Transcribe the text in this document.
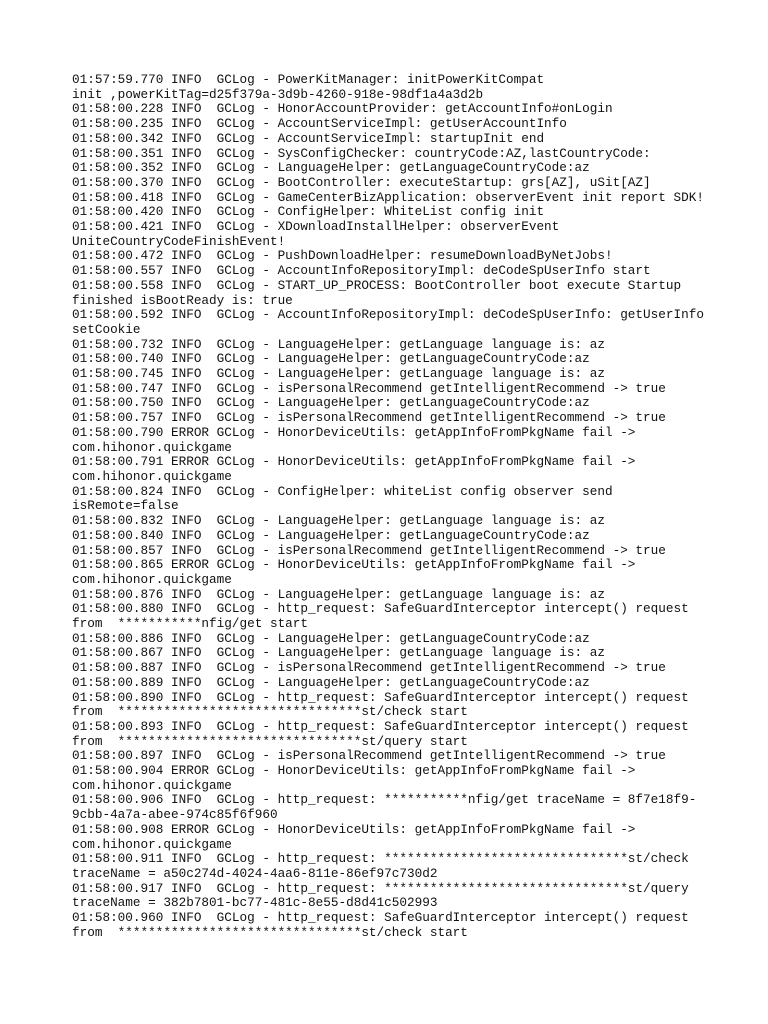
01:57:59.770 INFO  GCLog - PowerKitManager: initPowerKitCompat
init ,powerKitTag=d25f379a-3d9b-4260-918e-98df1a4a3d2b
01:58:00.228 INFO  GCLog - HonorAccountProvider: getAccountInfo#onLogin
01:58:00.235 INFO  GCLog - AccountServiceImpl: getUserAccountInfo
01:58:00.342 INFO  GCLog - AccountServiceImpl: startupInit end
01:58:00.351 INFO  GCLog - SysConfigChecker: countryCode:AZ,lastCountryCode:
01:58:00.352 INFO  GCLog - LanguageHelper: getLanguageCountryCode:az
01:58:00.370 INFO  GCLog - BootController: executeStartup: grs[AZ], uSit[AZ]
01:58:00.418 INFO  GCLog - GameCenterBizApplication: observerEvent init report SDK!
01:58:00.420 INFO  GCLog - ConfigHelper: WhiteList config init
01:58:00.421 INFO  GCLog - XDownloadInstallHelper: observerEvent
UniteCountryCodeFinishEvent!
01:58:00.472 INFO  GCLog - PushDownloadHelper: resumeDownloadByNetJobs!
01:58:00.557 INFO  GCLog - AccountInfoRepositoryImpl: deCodeSpUserInfo start
01:58:00.558 INFO  GCLog - START_UP_PROCESS: BootController boot execute Startup
finished isBootReady is: true
01:58:00.592 INFO  GCLog - AccountInfoRepositoryImpl: deCodeSpUserInfo: getUserInfo
setCookie
01:58:00.732 INFO  GCLog - LanguageHelper: getLanguage language is: az
01:58:00.740 INFO  GCLog - LanguageHelper: getLanguageCountryCode:az
01:58:00.745 INFO  GCLog - LanguageHelper: getLanguage language is: az
01:58:00.747 INFO  GCLog - isPersonalRecommend getIntelligentRecommend -> true
01:58:00.750 INFO  GCLog - LanguageHelper: getLanguageCountryCode:az
01:58:00.757 INFO  GCLog - isPersonalRecommend getIntelligentRecommend -> true
01:58:00.790 ERROR GCLog - HonorDeviceUtils: getAppInfoFromPkgName fail ->
com.hihonor.quickgame
01:58:00.791 ERROR GCLog - HonorDeviceUtils: getAppInfoFromPkgName fail ->
com.hihonor.quickgame
01:58:00.824 INFO  GCLog - ConfigHelper: whiteList config observer send
isRemote=false
01:58:00.832 INFO  GCLog - LanguageHelper: getLanguage language is: az
01:58:00.840 INFO  GCLog - LanguageHelper: getLanguageCountryCode:az
01:58:00.857 INFO  GCLog - isPersonalRecommend getIntelligentRecommend -> true
01:58:00.865 ERROR GCLog - HonorDeviceUtils: getAppInfoFromPkgName fail ->
com.hihonor.quickgame
01:58:00.876 INFO  GCLog - LanguageHelper: getLanguage language is: az
01:58:00.880 INFO  GCLog - http_request: SafeGuardInterceptor intercept() request
from  ***********nfig/get start
01:58:00.886 INFO  GCLog - LanguageHelper: getLanguageCountryCode:az
01:58:00.867 INFO  GCLog - LanguageHelper: getLanguage language is: az
01:58:00.887 INFO  GCLog - isPersonalRecommend getIntelligentRecommend -> true
01:58:00.889 INFO  GCLog - LanguageHelper: getLanguageCountryCode:az
01:58:00.890 INFO  GCLog - http_request: SafeGuardInterceptor intercept() request
from  ********************************st/check start
01:58:00.893 INFO  GCLog - http_request: SafeGuardInterceptor intercept() request
from  ********************************st/query start
01:58:00.897 INFO  GCLog - isPersonalRecommend getIntelligentRecommend -> true
01:58:00.904 ERROR GCLog - HonorDeviceUtils: getAppInfoFromPkgName fail ->
com.hihonor.quickgame
01:58:00.906 INFO  GCLog - http_request: ***********nfig/get traceName = 8f7e18f9-
9cbb-4a7a-abee-974c85f6f960
01:58:00.908 ERROR GCLog - HonorDeviceUtils: getAppInfoFromPkgName fail ->
com.hihonor.quickgame
01:58:00.911 INFO  GCLog - http_request: ********************************st/check
traceName = a50c274d-4024-4aa6-811e-86ef97c730d2
01:58:00.917 INFO  GCLog - http_request: ********************************st/query
traceName = 382b7801-bc77-481c-8e55-d8d41c502993
01:58:00.960 INFO  GCLog - http_request: SafeGuardInterceptor intercept() request
from  ********************************st/check start
